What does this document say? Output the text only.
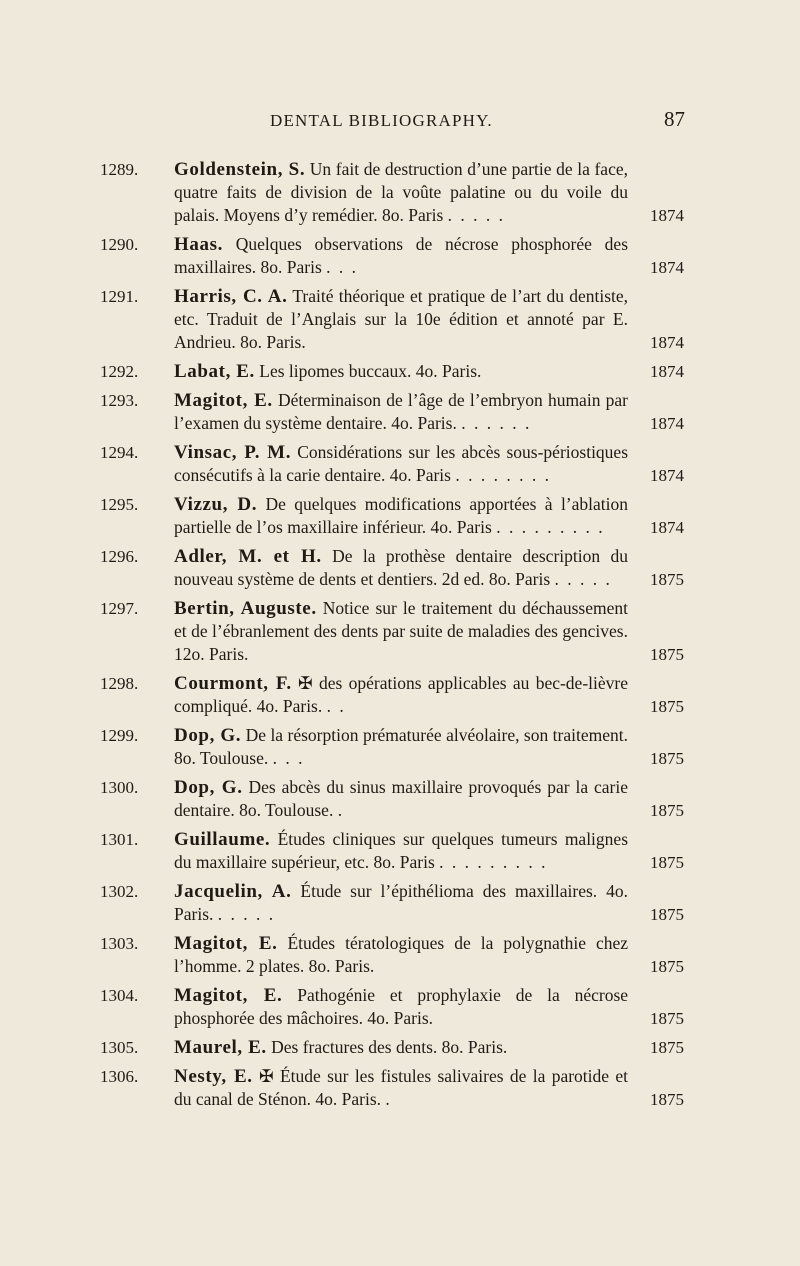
DENTAL BIBLIOGRAPHY.	87
1289.	Goldenstein, S. Un fait de destruction d’une partie de la face, quatre faits de division de la voûte palatine ou du voile du palais. Moyens d’y remédier. 8o. Paris . . . . .	1874
1290.	Haas. Quelques observations de nécrose phosphorée des maxillaires. 8o. Paris . . .	1874
1291.	Harris, C. A. Traité théorique et pratique de l’art du dentiste, etc. Traduit de l’Anglais sur la 10e édition et annoté par E. Andrieu. 8o. Paris.	1874
1292.	Labat, E. Les lipomes buccaux. 4o. Paris.	1874
1293.	Magitot, E. Déterminaison de l’âge de l’embryon humain par l’examen du système dentaire. 4o. Paris. . . . . . .	1874
1294.	Vinsac, P. M. Considérations sur les abcès sous-périostiques consécutifs à la carie dentaire. 4o. Paris . . . . . . . .	1874
1295.	Vizzu, D. De quelques modifications apportées à l’ablation partielle de l’os maxillaire inférieur. 4o. Paris . . . . . . . . .	1874
1296.	Adler, M. et H. De la prothèse dentaire description du nouveau système de dents et dentiers. 2d ed. 8o. Paris . . . . .	1875
1297.	Bertin, Auguste. Notice sur le traitement du déchaussement et de l’ébranlement des dents par suite de maladies des gencives. 12o. Paris.	1875
1298.	Courmont, F. ✠ des opérations applicables au bec-de-lièvre compliqué. 4o. Paris. . .	1875
1299.	Dop, G. De la résorption prématurée alvéolaire, son traitement. 8o. Toulouse. . . .	1875
1300.	Dop, G. Des abcès du sinus maxillaire provoqués par la carie dentaire. 8o. Toulouse. .	1875
1301.	Guillaume. Études cliniques sur quelques tumeurs malignes du maxillaire supérieur, etc. 8o. Paris . . . . . . . . .	1875
1302.	Jacquelin, A. Étude sur l’épithélioma des maxillaires. 4o. Paris. . . . . .	1875
1303.	Magitot, E. Études tératologiques de la polygnathie chez l’homme. 2 plates. 8o. Paris.	1875
1304.	Magitot, E. Pathogénie et prophylaxie de la nécrose phosphorée des mâchoires. 4o. Paris.	1875
1305.	Maurel, E. Des fractures des dents. 8o. Paris.	1875
1306.	Nesty, E. ✠ Étude sur les fistules salivaires de la parotide et du canal de Sténon. 4o. Paris. .	1875
